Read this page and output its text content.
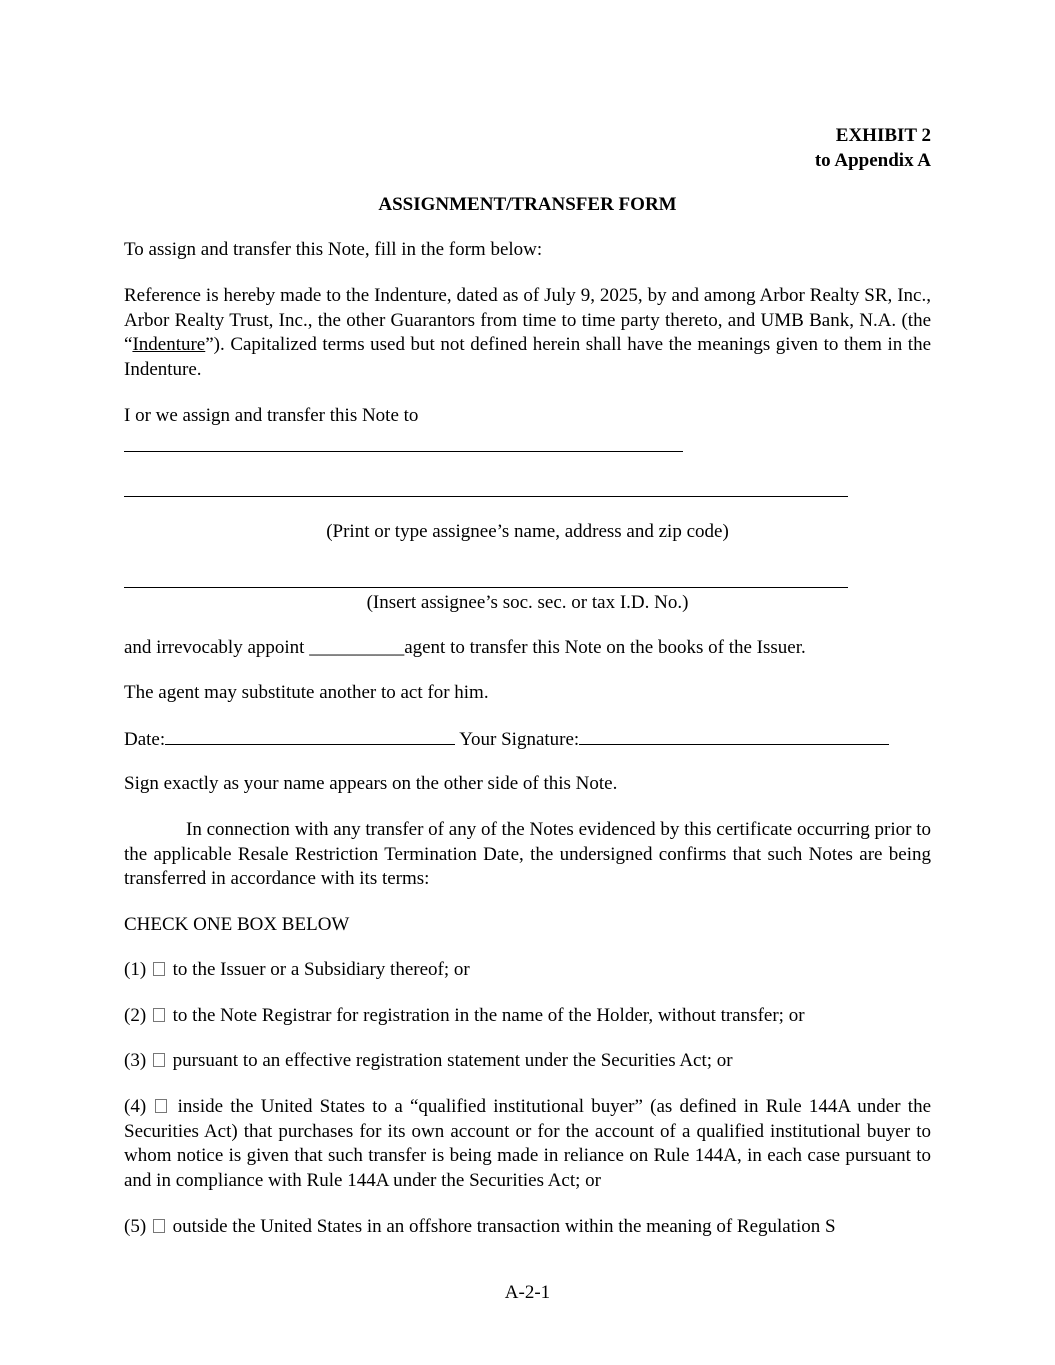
EXHIBIT 2
to Appendix A
ASSIGNMENT/TRANSFER FORM
To assign and transfer this Note, fill in the form below:
Reference is hereby made to the Indenture, dated as of July 9, 2025, by and among Arbor Realty SR, Inc., Arbor Realty Trust, Inc., the other Guarantors from time to time party thereto, and UMB Bank, N.A. (the “Indenture”). Capitalized terms used but not defined herein shall have the meanings given to them in the Indenture.
I or we assign and transfer this Note to
(Print or type assignee’s name, address and zip code)
(Insert assignee’s soc. sec. or tax I.D. No.)
and irrevocably appoint __________agent to transfer this Note on the books of the Issuer.
The agent may substitute another to act for him.
Date:	Your Signature:
Sign exactly as your name appears on the other side of this Note.
In connection with any transfer of any of the Notes evidenced by this certificate occurring prior to the applicable Resale Restriction Termination Date, the undersigned confirms that such Notes are being transferred in accordance with its terms:
CHECK ONE BOX BELOW
(1) to the Issuer or a Subsidiary thereof; or
(2) to the Note Registrar for registration in the name of the Holder, without transfer; or
(3) pursuant to an effective registration statement under the Securities Act; or
(4) inside the United States to a “qualified institutional buyer” (as defined in Rule 144A under the Securities Act) that purchases for its own account or for the account of a qualified institutional buyer to whom notice is given that such transfer is being made in reliance on Rule 144A, in each case pursuant to and in compliance with Rule 144A under the Securities Act; or
(5) outside the United States in an offshore transaction within the meaning of Regulation S
A-2-1
